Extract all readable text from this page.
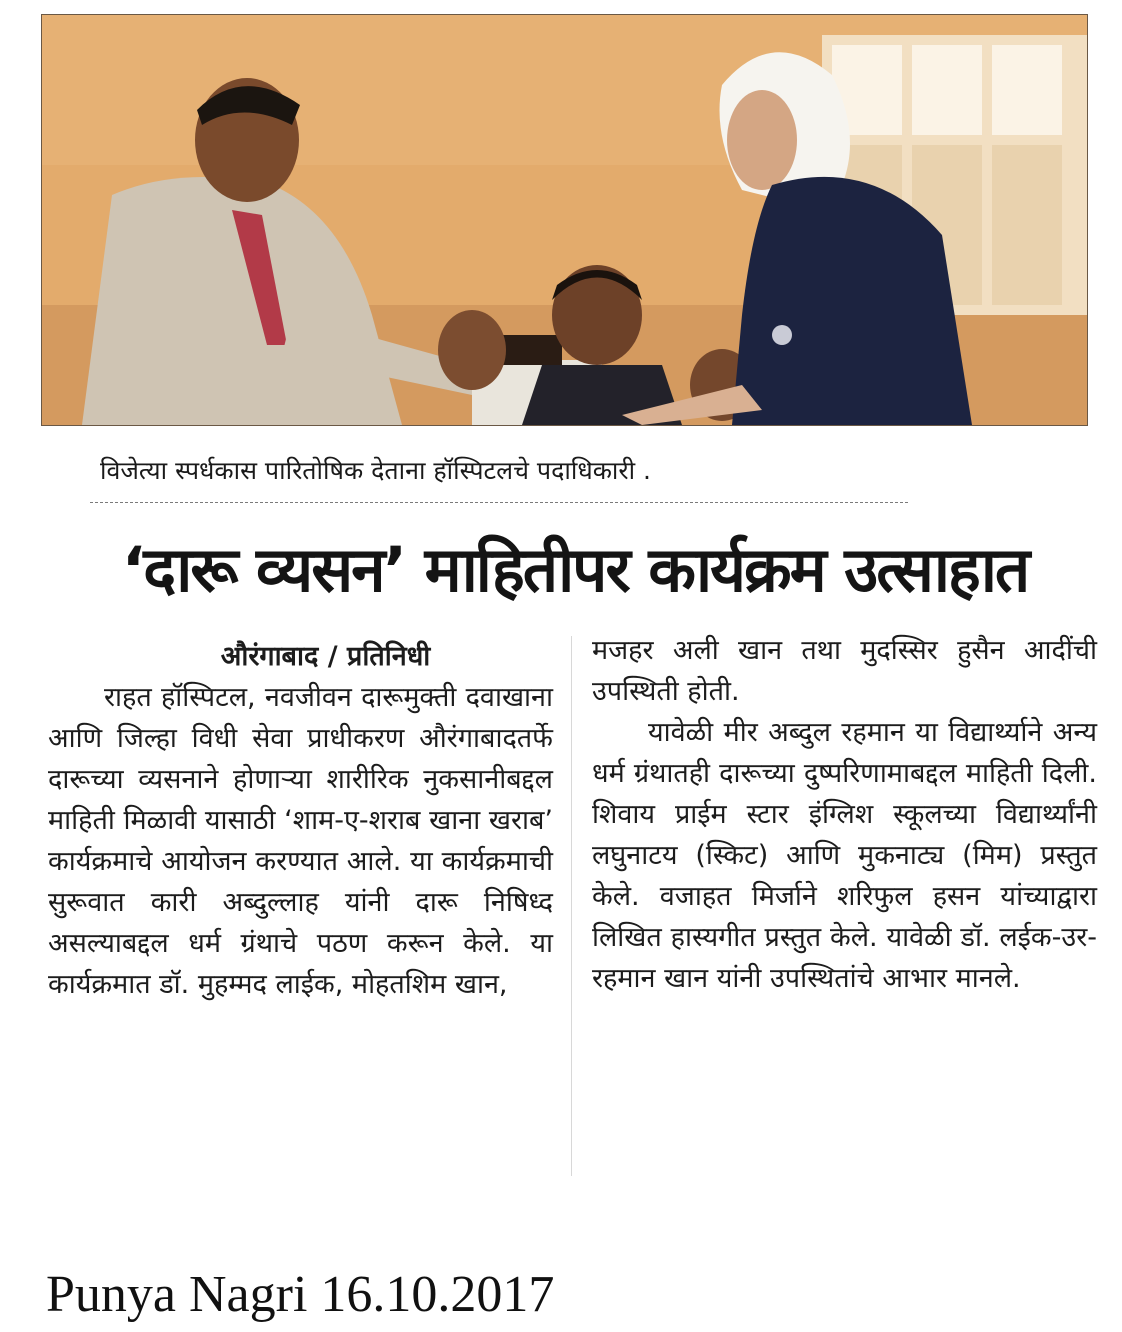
विजेत्या स्पर्धकास पारितोषिक देताना हॉस्पिटलचे पदाधिकारी .

‘दारू व्यसन’ माहितीपर कार्यक्रम उत्साहात

औरंगाबाद / प्रतिनिधी

राहत हॉस्पिटल, नवजीवन दारूमुक्ती दवाखाना आणि जिल्हा विधी सेवा प्राधीकरण औरंगाबादतर्फे दारूच्या व्यसनाने होणाऱ्या शारीरिक नुकसानीबद्दल माहिती मिळावी यासाठी ‘शाम-ए-शराब खाना खराब’ कार्यक्रमाचे आयोजन करण्यात आले. या कार्यक्रमाची सुरूवात कारी अब्दुल्लाह यांनी दारू निषिध्द असल्याबद्दल धर्म ग्रंथाचे पठण करून केले. या कार्यक्रमात डॉ. मुहम्मद लाईक, मोहतशिम खान,

मजहर अली खान तथा मुदस्सिर हुसैन आदींची उपस्थिती होती.

यावेळी मीर अब्दुल रहमान या विद्यार्थ्याने अन्य धर्म ग्रंथातही दारूच्या दुष्परिणामाबद्दल माहिती दिली. शिवाय प्राईम स्टार इंग्लिश स्कूलच्या विद्यार्थ्यांनी लघुनाटय (स्किट) आणि मुकनाट्य (मिम) प्रस्तुत केले. वजाहत मिर्जाने शरिफुल हसन यांच्याद्वारा लिखित हास्यगीत प्रस्तुत केले. यावेळी डॉ. लईक-उर-रहमान खान यांनी उपस्थितांचे आभार मानले.

Punya Nagri 16.10.2017
